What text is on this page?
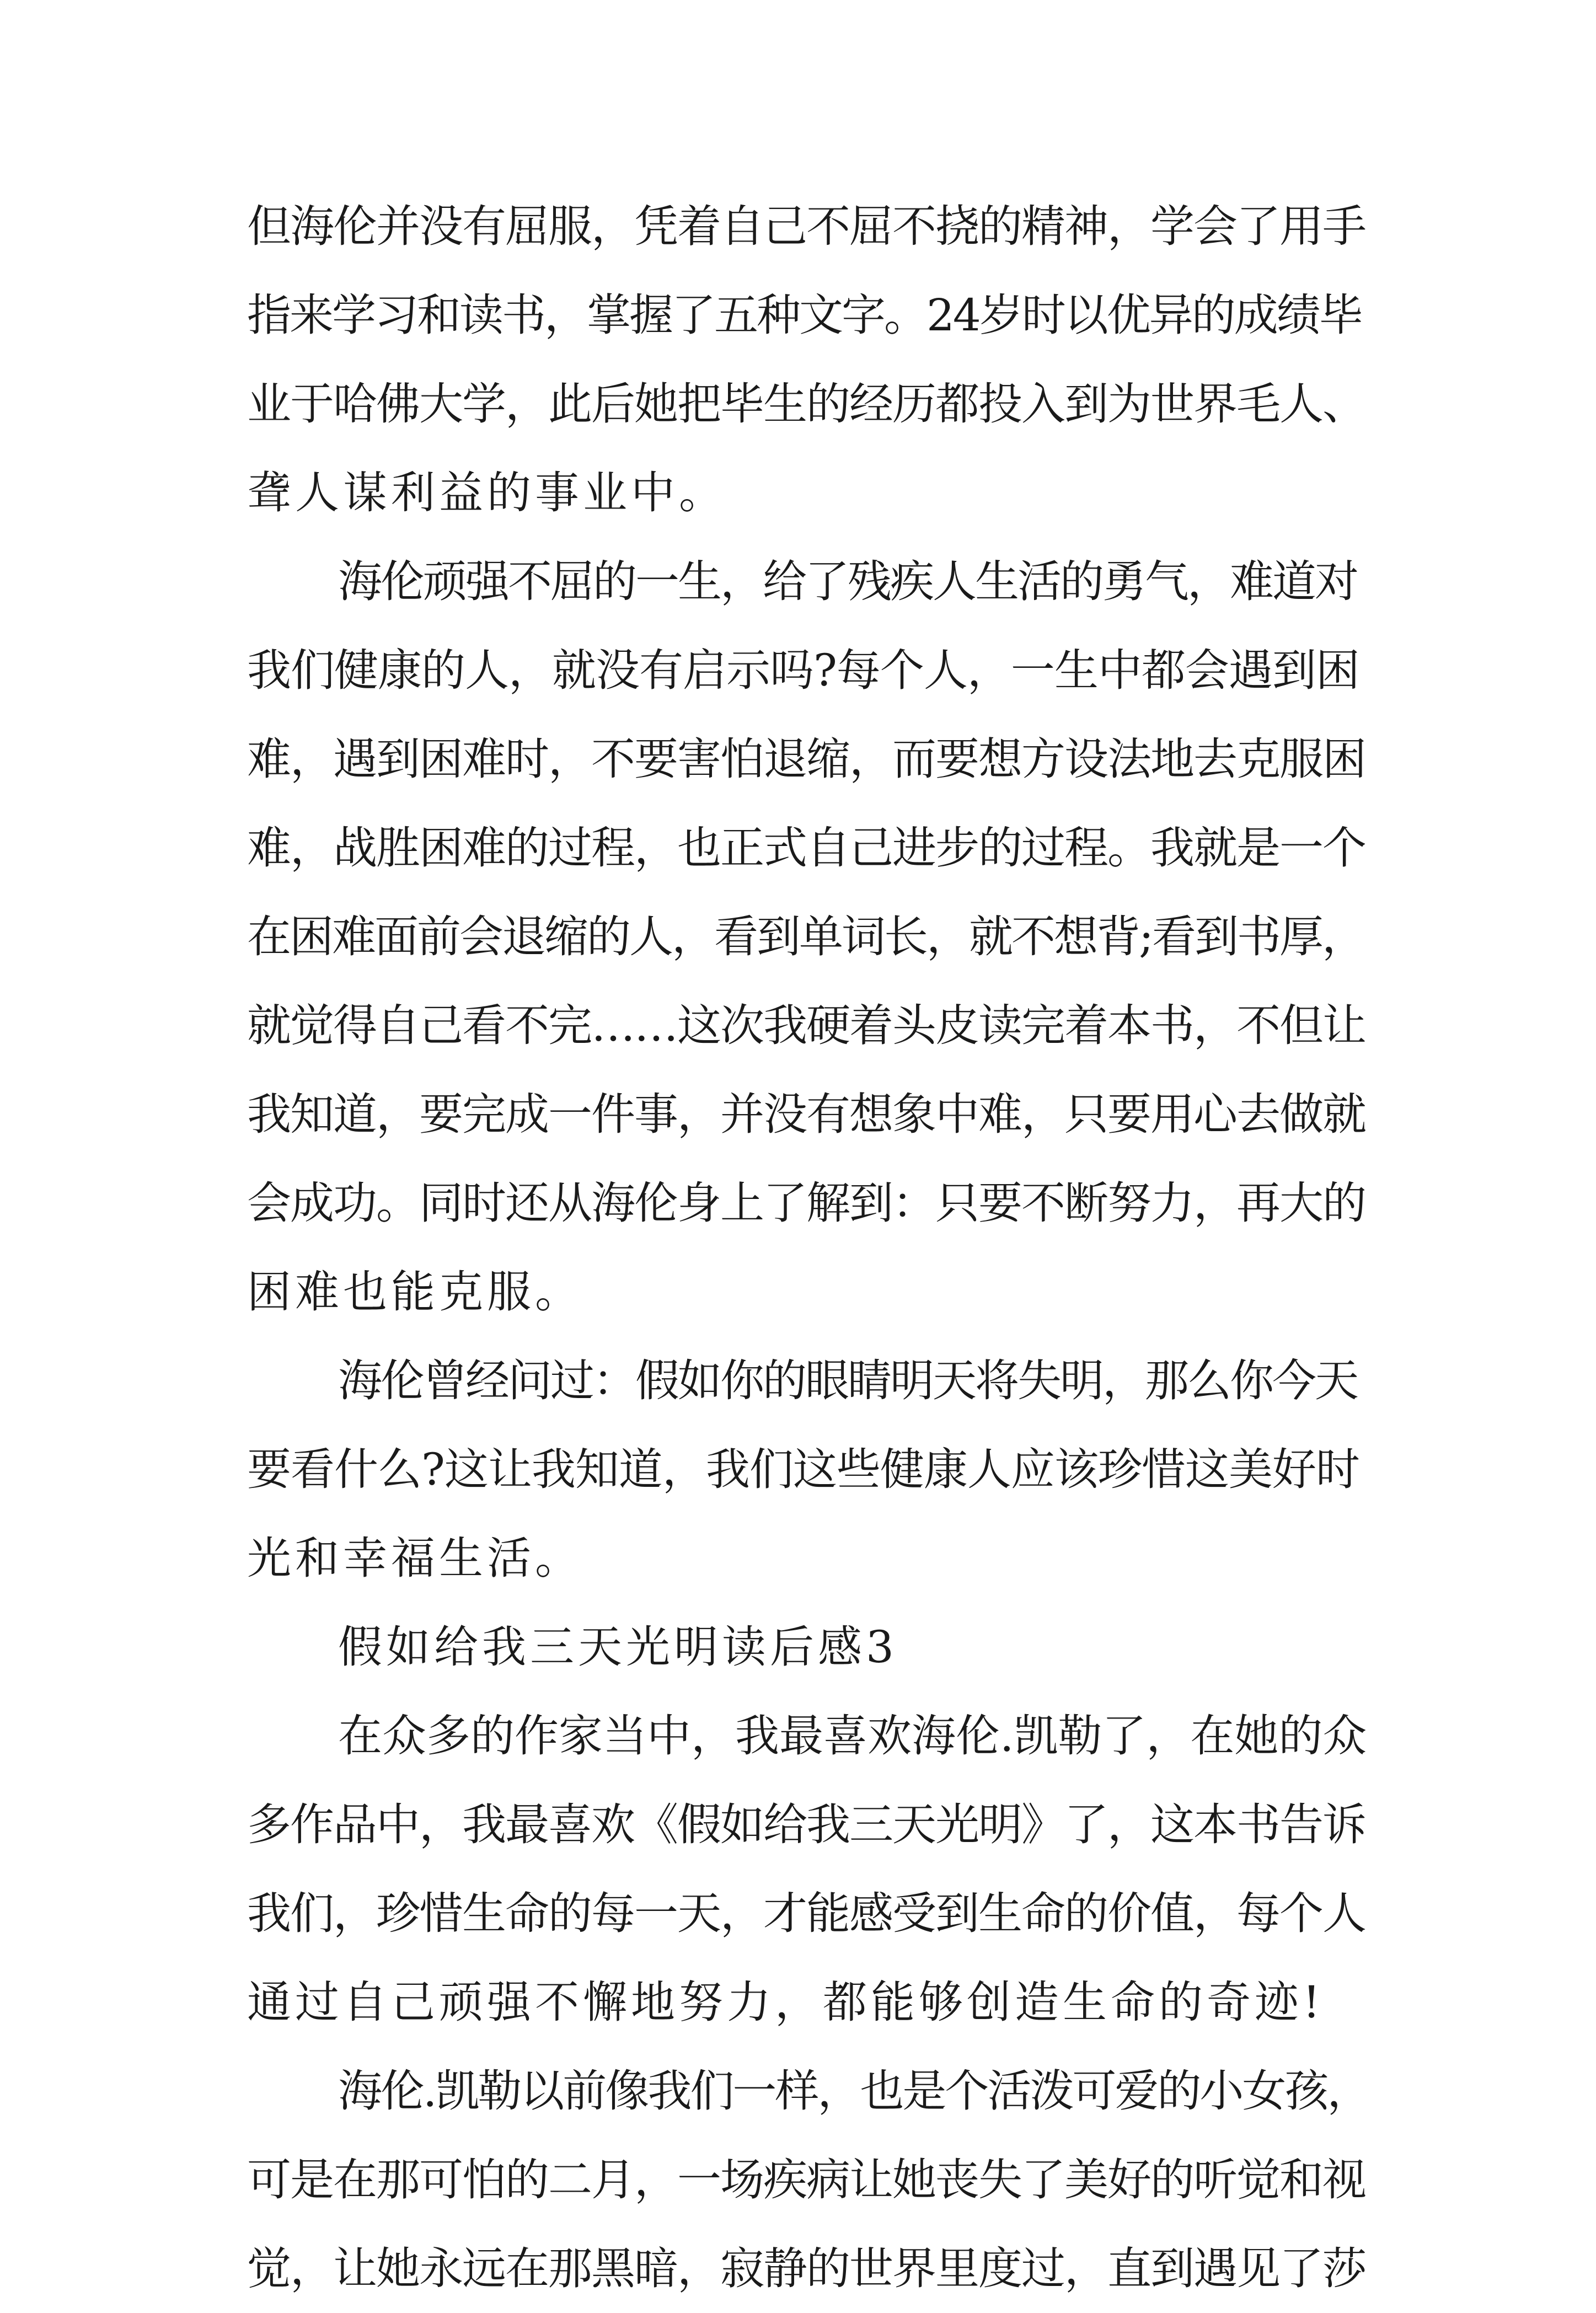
但海伦并没有屈服，凭着自己不屈不挠的精神，学会了用手
指来学习和读书，掌握了五种文字。24岁时以优异的成绩毕
业于哈佛大学，此后她把毕生的经历都投入到为世界毛人、
聋人谋利益的事业中。
海伦顽强不屈的一生，给了残疾人生活的勇气，难道对
我们健康的人，就没有启示吗?每个人，一生中都会遇到困
难，遇到困难时，不要害怕退缩，而要想方设法地去克服困
难，战胜困难的过程，也正式自己进步的过程。我就是一个
在困难面前会退缩的人，看到单词长，就不想背;看到书厚，
就觉得自己看不完……这次我硬着头皮读完着本书，不但让
我知道，要完成一件事，并没有想象中难，只要用心去做就
会成功。同时还从海伦身上了解到：只要不断努力，再大的
困难也能克服。
海伦曾经问过：假如你的眼睛明天将失明，那么你今天
要看什么?这让我知道，我们这些健康人应该珍惜这美好时
光和幸福生活。
假如给我三天光明读后感3
在众多的作家当中，我最喜欢海伦.凯勒了，在她的众
多作品中，我最喜欢《假如给我三天光明》了，这本书告诉
我们，珍惜生命的每一天，才能感受到生命的价值，每个人
通过自己顽强不懈地努力，都能够创造生命的奇迹!
海伦.凯勒以前像我们一样，也是个活泼可爱的小女孩，
可是在那可怕的二月，一场疾病让她丧失了美好的听觉和视
觉，让她永远在那黑暗，寂静的世界里度过，直到遇见了莎
